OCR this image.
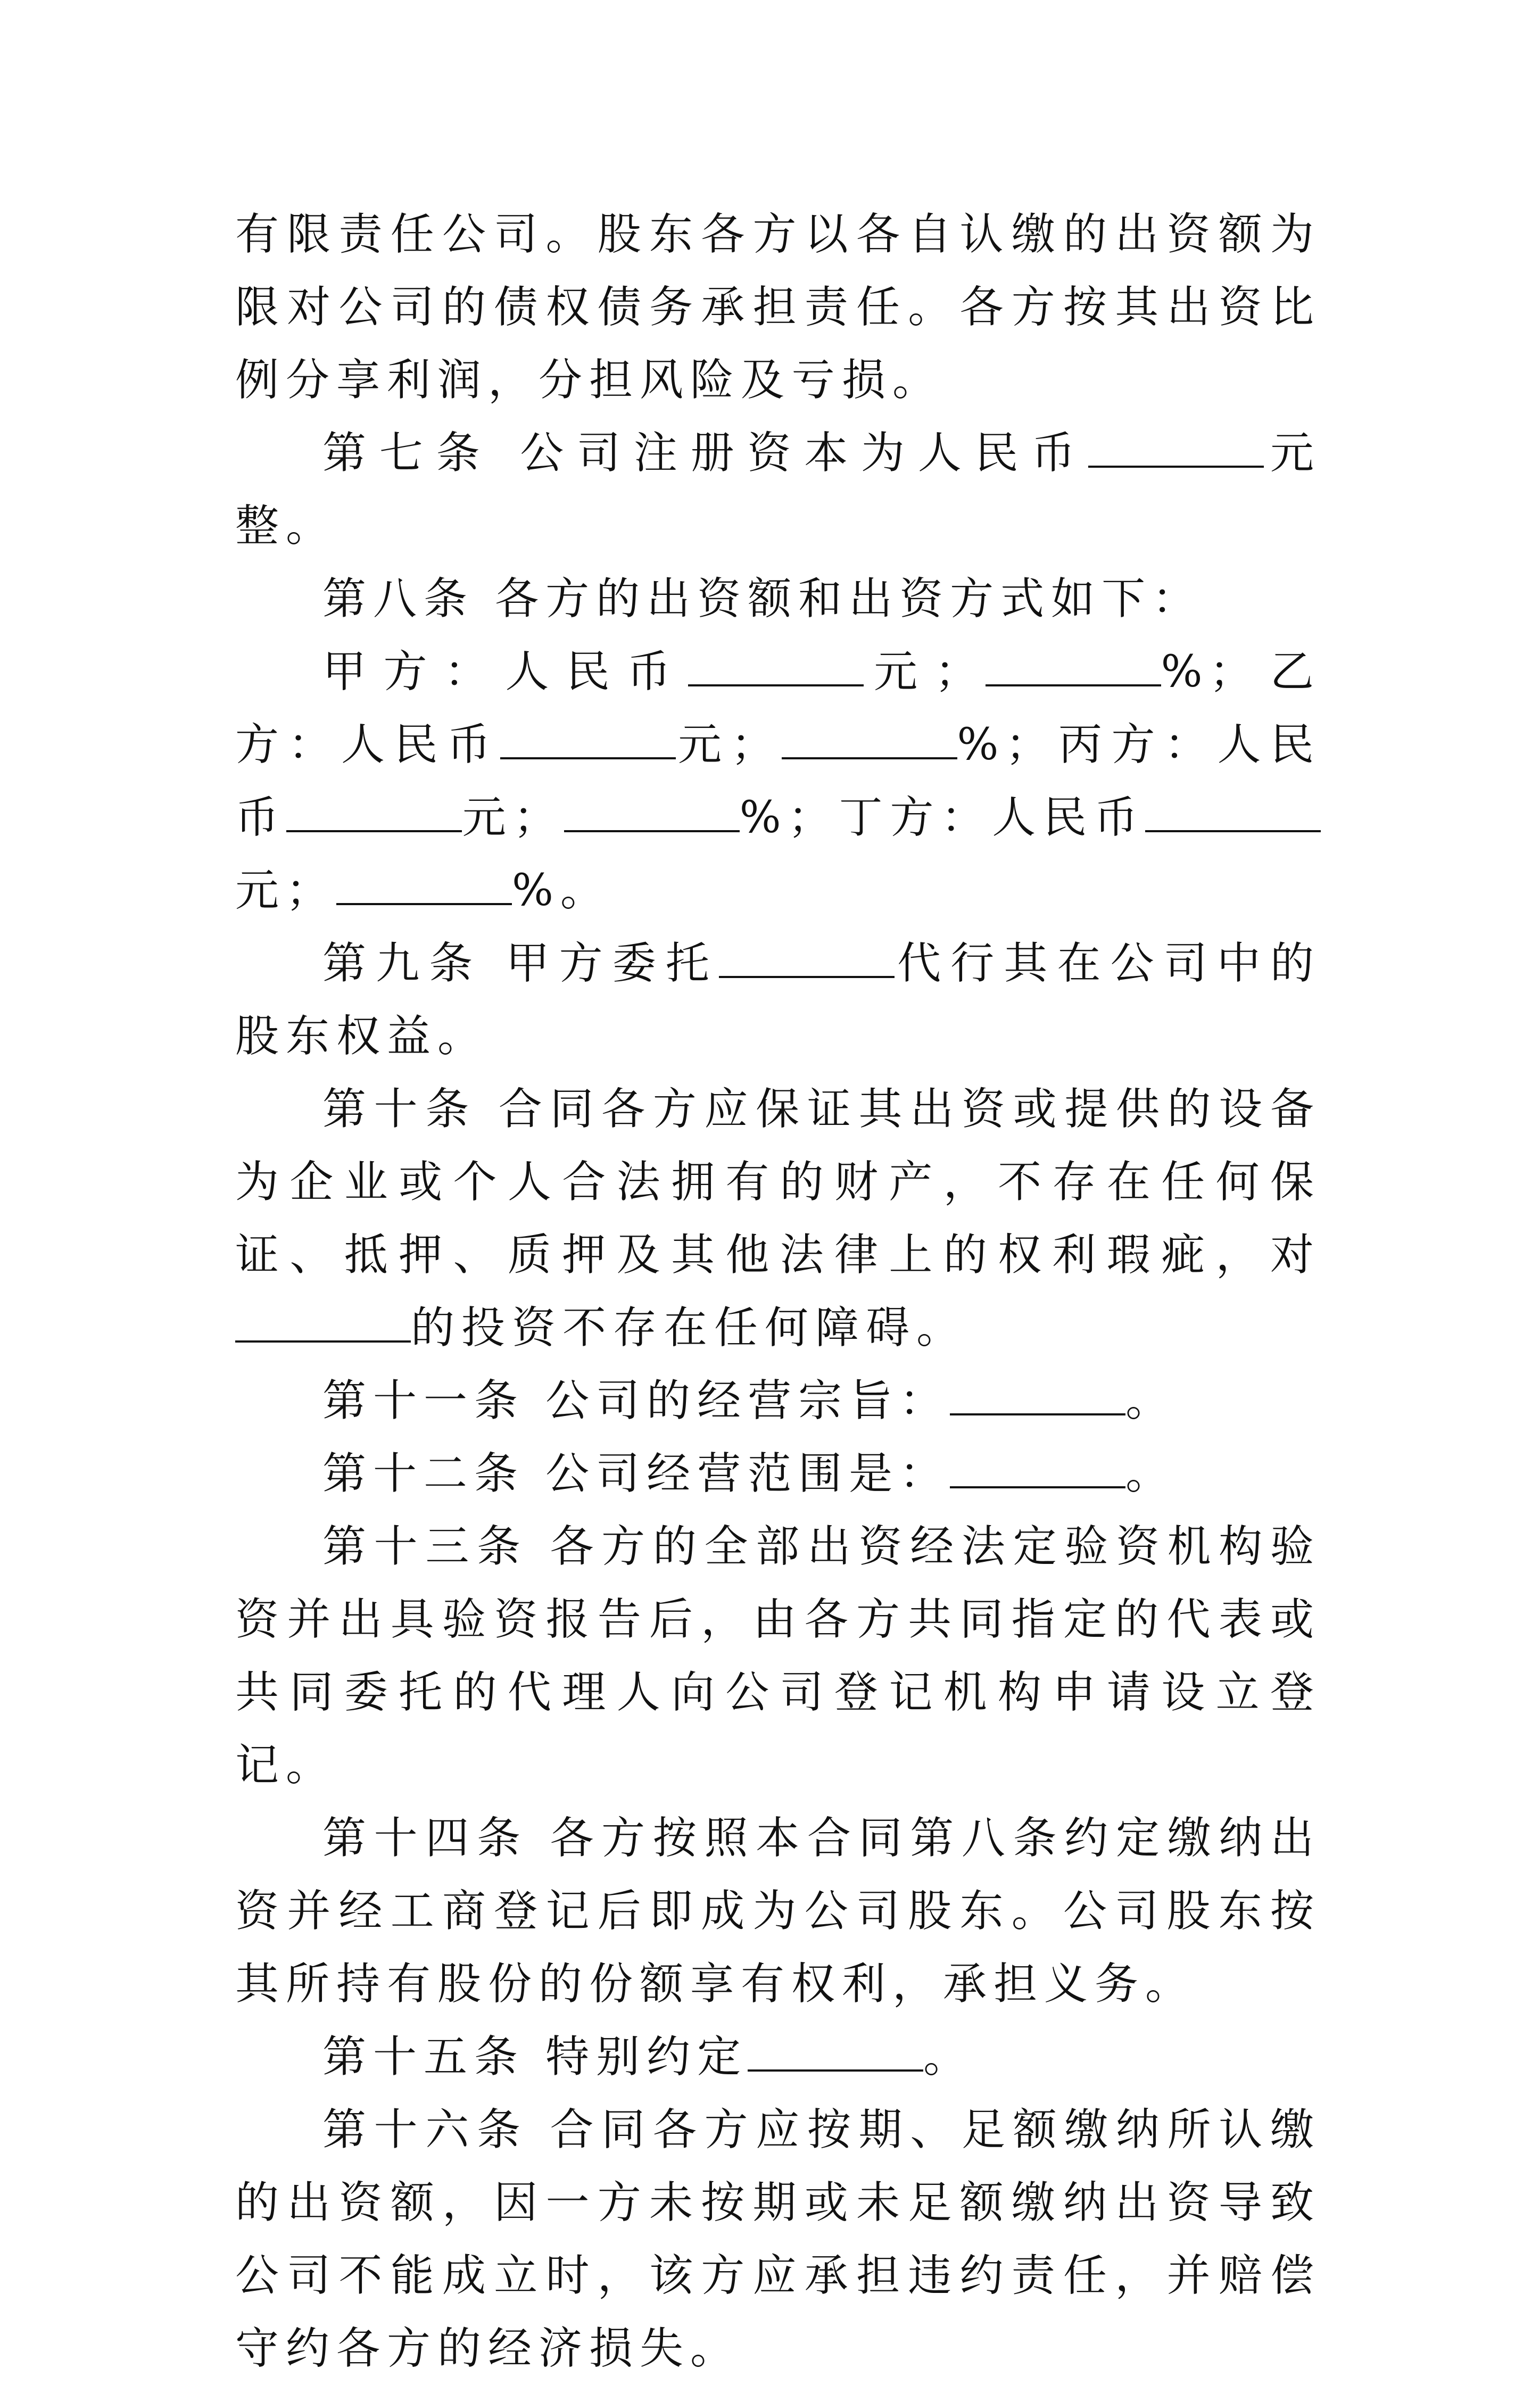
有限责任公司。股东各方以各自认缴的出资额为限对公司的债权债务承担责任。各方按其出资比例分享利润，分担风险及亏损。

第七条 公司注册资本为人民币	元整。

第八条 各方的出资额和出资方式如下：

甲方：人民币	元；	%；乙方：人民币	元；	%；丙方：人民币	元；	%；丁方：人民币元；	%。

第九条 甲方委托	代行其在公司中的股东权益。

第十条 合同各方应保证其出资或提供的设备为企业或个人合法拥有的财产，不存在任何保证、抵押、质押及其他法律上的权利瑕疵，对的投资不存在任何障碍。

第十一条 公司的经营宗旨：	。

第十二条 公司经营范围是：	。

第十三条 各方的全部出资经法定验资机构验资并出具验资报告后，由各方共同指定的代表或共同委托的代理人向公司登记机构申请设立登记。

第十四条 各方按照本合同第八条约定缴纳出资并经工商登记后即成为公司股东。公司股东按其所持有股份的份额享有权利，承担义务。

第十五条 特别约定	。

第十六条 合同各方应按期、足额缴纳所认缴的出资额，因一方未按期或未足额缴纳出资导致公司不能成立时，该方应承担违约责任，并赔偿守约各方的经济损失。
